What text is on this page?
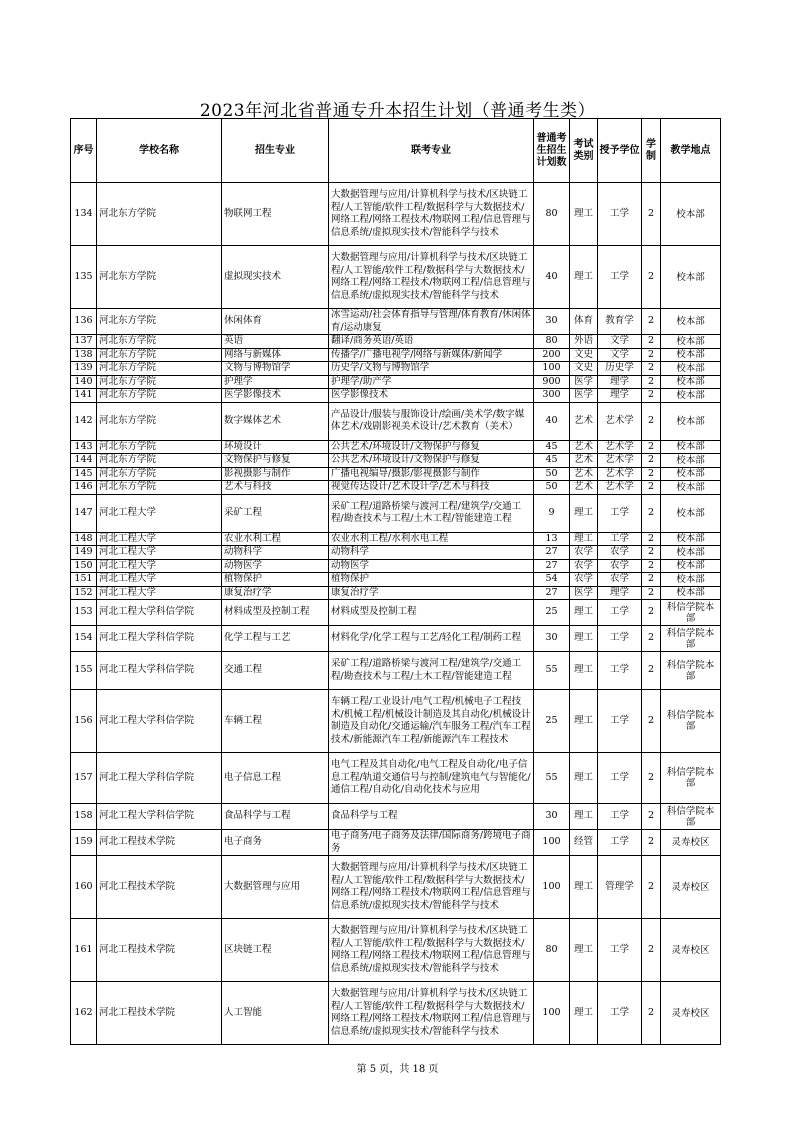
2023年河北省普通专升本招生计划（普通考生类）
序号	学校名称	招生专业	联考专业	普通考生招生计划数	考试类别	授予学位	学制	教学地点
134	河北东方学院	物联网工程	大数据管理与应用/计算机科学与技术/区块链工程/人工智能/软件工程/数据科学与大数据技术/网络工程/网络工程技术/物联网工程/信息管理与信息系统/虚拟现实技术/智能科学与技术	80	理工	工学	2	校本部
135	河北东方学院	虚拟现实技术	大数据管理与应用/计算机科学与技术/区块链工程/人工智能/软件工程/数据科学与大数据技术/网络工程/网络工程技术/物联网工程/信息管理与信息系统/虚拟现实技术/智能科学与技术	40	理工	工学	2	校本部
136	河北东方学院	休闲体育	冰雪运动/社会体育指导与管理/体育教育/休闲体育/运动康复	30	体育	教育学	2	校本部
137	河北东方学院	英语	翻译/商务英语/英语	80	外语	文学	2	校本部
138	河北东方学院	网络与新媒体	传播学/广播电视学/网络与新媒体/新闻学	200	文史	文学	2	校本部
139	河北东方学院	文物与博物馆学	历史学/文物与博物馆学	100	文史	历史学	2	校本部
140	河北东方学院	护理学	护理学/助产学	900	医学	理学	2	校本部
141	河北东方学院	医学影像技术	医学影像技术	300	医学	理学	2	校本部
142	河北东方学院	数字媒体艺术	产品设计/服装与服饰设计/绘画/美术学/数字媒体艺术/戏剧影视美术设计/艺术教育（美术）	40	艺术	艺术学	2	校本部
143	河北东方学院	环境设计	公共艺术/环境设计/文物保护与修复	45	艺术	艺术学	2	校本部
144	河北东方学院	文物保护与修复	公共艺术/环境设计/文物保护与修复	45	艺术	艺术学	2	校本部
145	河北东方学院	影视摄影与制作	广播电视编导/摄影/影视摄影与制作	50	艺术	艺术学	2	校本部
146	河北东方学院	艺术与科技	视觉传达设计/艺术设计学/艺术与科技	50	艺术	艺术学	2	校本部
147	河北工程大学	采矿工程	采矿工程/道路桥梁与渡河工程/建筑学/交通工程/勘查技术与工程/土木工程/智能建造工程	9	理工	工学	2	校本部
148	河北工程大学	农业水利工程	农业水利工程/水利水电工程	13	理工	工学	2	校本部
149	河北工程大学	动物科学	动物科学	27	农学	农学	2	校本部
150	河北工程大学	动物医学	动物医学	27	农学	农学	2	校本部
151	河北工程大学	植物保护	植物保护	54	农学	农学	2	校本部
152	河北工程大学	康复治疗学	康复治疗学	27	医学	理学	2	校本部
153	河北工程大学科信学院	材料成型及控制工程	材料成型及控制工程	25	理工	工学	2	科信学院本部
154	河北工程大学科信学院	化学工程与工艺	材料化学/化学工程与工艺/轻化工程/制药工程	30	理工	工学	2	科信学院本部
155	河北工程大学科信学院	交通工程	采矿工程/道路桥梁与渡河工程/建筑学/交通工程/勘查技术与工程/土木工程/智能建造工程	55	理工	工学	2	科信学院本部
156	河北工程大学科信学院	车辆工程	车辆工程/工业设计/电气工程/机械电子工程技术/机械工程/机械设计制造及其自动化/机械设计制造及自动化/交通运输/汽车服务工程/汽车工程技术/新能源汽车工程/新能源汽车工程技术	25	理工	工学	2	科信学院本部
157	河北工程大学科信学院	电子信息工程	电气工程及其自动化/电气工程及自动化/电子信息工程/轨道交通信号与控制/建筑电气与智能化/通信工程/自动化/自动化技术与应用	55	理工	工学	2	科信学院本部
158	河北工程大学科信学院	食品科学与工程	食品科学与工程	30	理工	工学	2	科信学院本部
159	河北工程技术学院	电子商务	电子商务/电子商务及法律/国际商务/跨境电子商务	100	经管	工学	2	灵寿校区
160	河北工程技术学院	大数据管理与应用	大数据管理与应用/计算机科学与技术/区块链工程/人工智能/软件工程/数据科学与大数据技术/网络工程/网络工程技术/物联网工程/信息管理与信息系统/虚拟现实技术/智能科学与技术	100	理工	管理学	2	灵寿校区
161	河北工程技术学院	区块链工程	大数据管理与应用/计算机科学与技术/区块链工程/人工智能/软件工程/数据科学与大数据技术/网络工程/网络工程技术/物联网工程/信息管理与信息系统/虚拟现实技术/智能科学与技术	80	理工	工学	2	灵寿校区
162	河北工程技术学院	人工智能	大数据管理与应用/计算机科学与技术/区块链工程/人工智能/软件工程/数据科学与大数据技术/网络工程/网络工程技术/物联网工程/信息管理与信息系统/虚拟现实技术/智能科学与技术	100	理工	工学	2	灵寿校区
第 5 页，共 18 页
